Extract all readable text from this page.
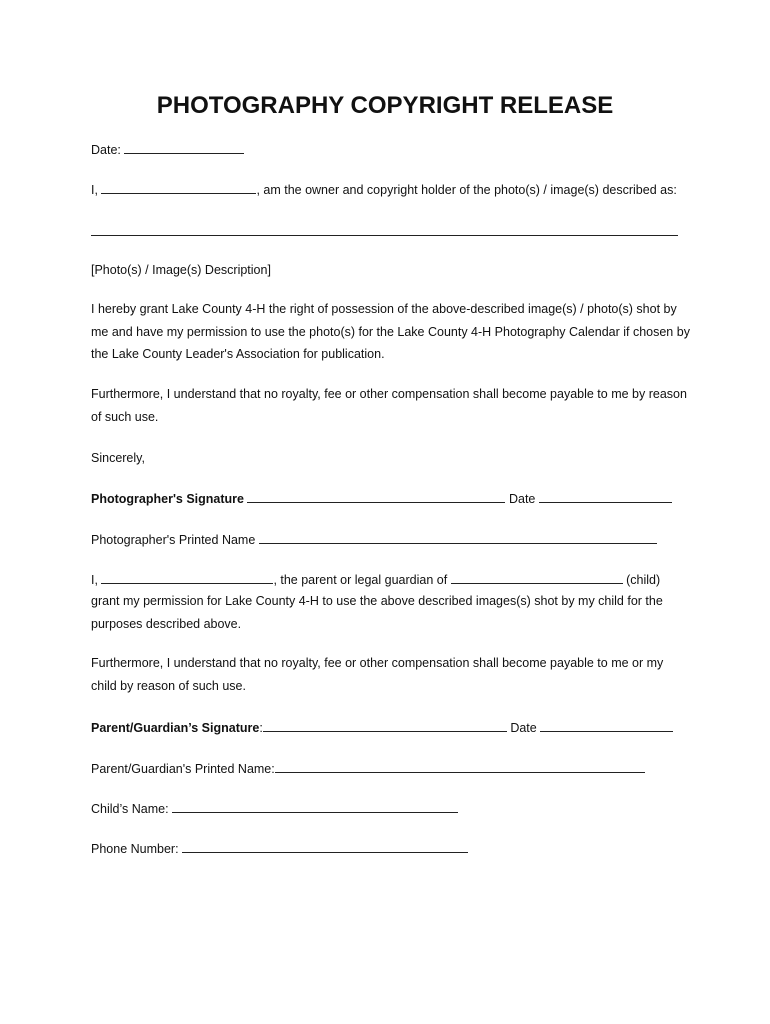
PHOTOGRAPHY COPYRIGHT RELEASE
Date:
I,	, am the owner and copyright holder of the photo(s) / image(s) described as:
[Photo(s) / Image(s) Description]
I hereby grant Lake County 4-H the right of possession of the above-described image(s) / photo(s) shot by me and have my permission to use the photo(s) for the Lake County 4-H Photography Calendar if chosen by the Lake County Leader's Association for publication.
Furthermore, I understand that no royalty, fee or other compensation shall become payable to me by reason of such use.
Sincerely,
Photographer's Signature	Date
Photographer's Printed Name
I,	, the parent or legal guardian of	(child)
grant my permission for Lake County 4-H to use the above described images(s) shot by my child for the purposes described above.
Furthermore, I understand that no royalty, fee or other compensation shall become payable to me or my child by reason of such use.
Parent/Guardian’s Signature:	Date
Parent/Guardian's Printed Name:
Child’s Name:
Phone Number:
